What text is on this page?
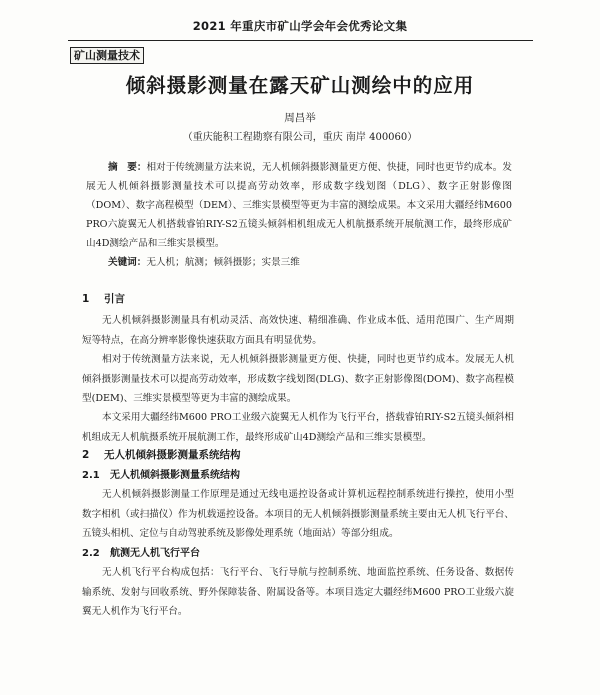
2021 年重庆市矿山学会年会优秀论文集
矿山测量技术
倾斜摄影测量在露天矿山测绘中的应用
周昌举
（重庆能积工程勘察有限公司，重庆 南岸 400060）
摘　要：相对于传统测量方法来说，无人机倾斜摄影测量更方便、快捷，同时也更节约成本。发展无人机倾斜摄影测量技术可以提高劳动效率，形成数字线划图（DLG）、数字正射影像图（DOM）、数字高程模型（DEM）、三维实景模型等更为丰富的测绘成果。本文采用大疆经纬M600 PRO六旋翼无人机搭载睿铂RIY-S2五镜头倾斜相机组成无人机航摄系统开展航测工作，最终形成矿山4D测绘产品和三维实景模型。
关键词：无人机；航测；倾斜摄影；实景三维
1 引言
无人机倾斜摄影测量具有机动灵活、高效快速、精细准确、作业成本低、适用范围广、生产周期短等特点，在高分辨率影像快速获取方面具有明显优势。
相对于传统测量方法来说，无人机倾斜摄影测量更方便、快捷，同时也更节约成本。发展无人机倾斜摄影测量技术可以提高劳动效率，形成数字线划图(DLG)、数字正射影像图(DOM)、数字高程模型(DEM)、三维实景模型等更为丰富的测绘成果。
本文采用大疆经纬M600 PRO工业级六旋翼无人机作为飞行平台，搭载睿铂RIY-S2五镜头倾斜相机组成无人机航摄系统开展航测工作，最终形成矿山4D测绘产品和三维实景模型。
2 无人机倾斜摄影测量系统结构
2.1 无人机倾斜摄影测量系统结构
无人机倾斜摄影测量工作原理是通过无线电遥控设备或计算机远程控制系统进行操控，使用小型数字相机（或扫描仪）作为机载遥控设备。本项目的无人机倾斜摄影测量系统主要由无人机飞行平台、五镜头相机、定位与自动驾驶系统及影像处理系统（地面站）等部分组成。
2.2 航测无人机飞行平台
无人机飞行平台构成包括：飞行平台、飞行导航与控制系统、地面监控系统、任务设备、数据传输系统、发射与回收系统、野外保障装备、附属设备等。本项目选定大疆经纬M600 PRO工业级六旋翼无人机作为飞行平台。
